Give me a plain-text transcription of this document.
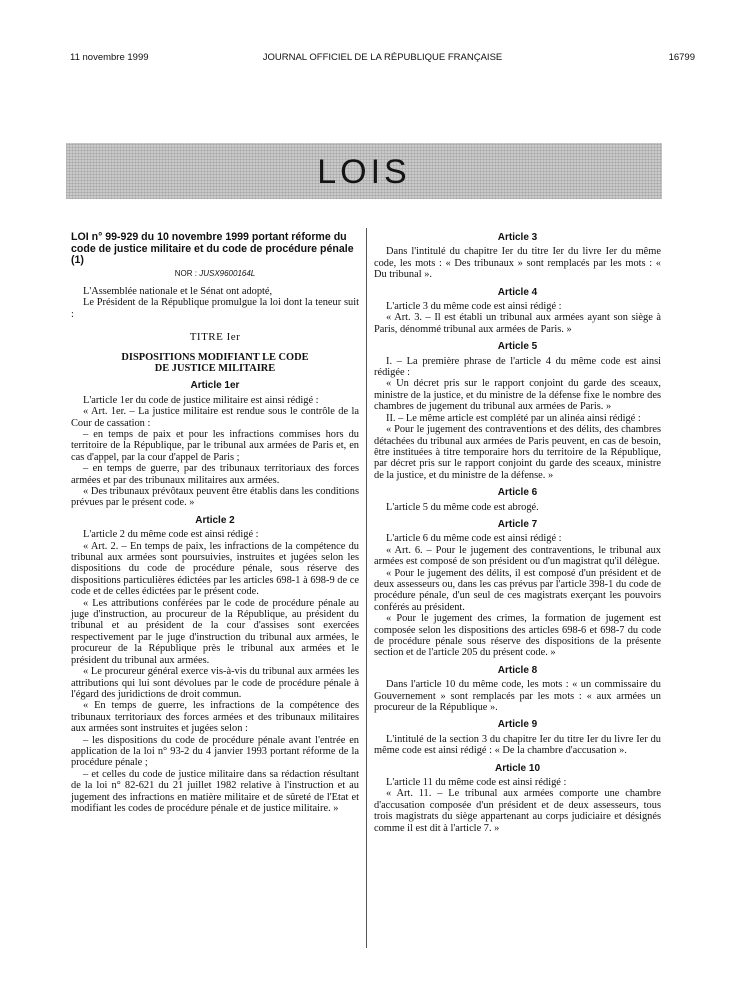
11 novembre 1999	JOURNAL OFFICIEL DE LA RÉPUBLIQUE FRANÇAISE	16799
LOIS

LOI n° 99-929 du 10 novembre 1999 portant réforme du code de justice militaire et du code de procédure pénale (1)

NOR : JUSX9600164L

L'Assemblée nationale et le Sénat ont adopté,

Le Président de la République promulgue la loi dont la teneur suit :

TITRE Ier

DISPOSITIONS MODIFIANT LE CODE

DE JUSTICE MILITAIRE

Article 1er

L'article 1er du code de justice militaire est ainsi rédigé :

« Art. 1er. – La justice militaire est rendue sous le contrôle de la Cour de cassation :

– en temps de paix et pour les infractions commises hors du territoire de la République, par le tribunal aux armées de Paris et, en cas d'appel, par la cour d'appel de Paris ;

– en temps de guerre, par des tribunaux territoriaux des forces armées et par des tribunaux militaires aux armées.

« Des tribunaux prévôtaux peuvent être établis dans les conditions prévues par le présent code. »

Article 2

L'article 2 du même code est ainsi rédigé :

« Art. 2. – En temps de paix, les infractions de la compétence du tribunal aux armées sont poursuivies, instruites et jugées selon les dispositions du code de procédure pénale, sous réserve des dispositions particulières édictées par les articles 698-1 à 698-9 de ce code et de celles édictées par le présent code.

« Les attributions conférées par le code de procédure pénale au juge d'instruction, au procureur de la République, au président du tribunal et au président de la cour d'assises sont exercées respectivement par le juge d'instruction du tribunal aux armées, le procureur de la République près le tribunal aux armées et le président du tribunal aux armées.

« Le procureur général exerce vis-à-vis du tribunal aux armées les attributions qui lui sont dévolues par le code de procédure pénale à l'égard des juridictions de droit commun.

« En temps de guerre, les infractions de la compétence des tribunaux territoriaux des forces armées et des tribunaux militaires aux armées sont instruites et jugées selon :

– les dispositions du code de procédure pénale avant l'entrée en application de la loi n° 93-2 du 4 janvier 1993 portant réforme de la procédure pénale ;

– et celles du code de justice militaire dans sa rédaction résultant de la loi n° 82-621 du 21 juillet 1982 relative à l'instruction et au jugement des infractions en matière militaire et de sûreté de l'Etat et modifiant les codes de procédure pénale et de justice militaire. »

Article 3

Dans l'intitulé du chapitre Ier du titre Ier du livre Ier du même code, les mots : « Des tribunaux » sont remplacés par les mots : « Du tribunal ».

Article 4

L'article 3 du même code est ainsi rédigé :

« Art. 3. – Il est établi un tribunal aux armées ayant son siège à Paris, dénommé tribunal aux armées de Paris. »

Article 5

I. – La première phrase de l'article 4 du même code est ainsi rédigée :

« Un décret pris sur le rapport conjoint du garde des sceaux, ministre de la justice, et du ministre de la défense fixe le nombre des chambres de jugement du tribunal aux armées de Paris. »

II. – Le même article est complété par un alinéa ainsi rédigé :

« Pour le jugement des contraventions et des délits, des chambres détachées du tribunal aux armées de Paris peuvent, en cas de besoin, être instituées à titre temporaire hors du territoire de la République, par décret pris sur le rapport conjoint du garde des sceaux, ministre de la justice, et du ministre de la défense. »

Article 6

L'article 5 du même code est abrogé.

Article 7

L'article 6 du même code est ainsi rédigé :

« Art. 6. – Pour le jugement des contraventions, le tribunal aux armées est composé de son président ou d'un magistrat qu'il délègue.

« Pour le jugement des délits, il est composé d'un président et de deux assesseurs ou, dans les cas prévus par l'article 398-1 du code de procédure pénale, d'un seul de ces magistrats exerçant les pouvoirs conférés au président.

« Pour le jugement des crimes, la formation de jugement est composée selon les dispositions des articles 698-6 et 698-7 du code de procédure pénale sous réserve des dispositions de la présente section et de l'article 205 du présent code. »

Article 8

Dans l'article 10 du même code, les mots : « un commissaire du Gouvernement » sont remplacés par les mots : « aux armées un procureur de la République ».

Article 9

L'intitulé de la section 3 du chapitre Ier du titre Ier du livre Ier du même code est ainsi rédigé : « De la chambre d'accusation ».

Article 10

L'article 11 du même code est ainsi rédigé :

« Art. 11. – Le tribunal aux armées comporte une chambre d'accusation composée d'un président et de deux assesseurs, tous trois magistrats du siège appartenant au corps judiciaire et désignés comme il est dit à l'article 7. »
